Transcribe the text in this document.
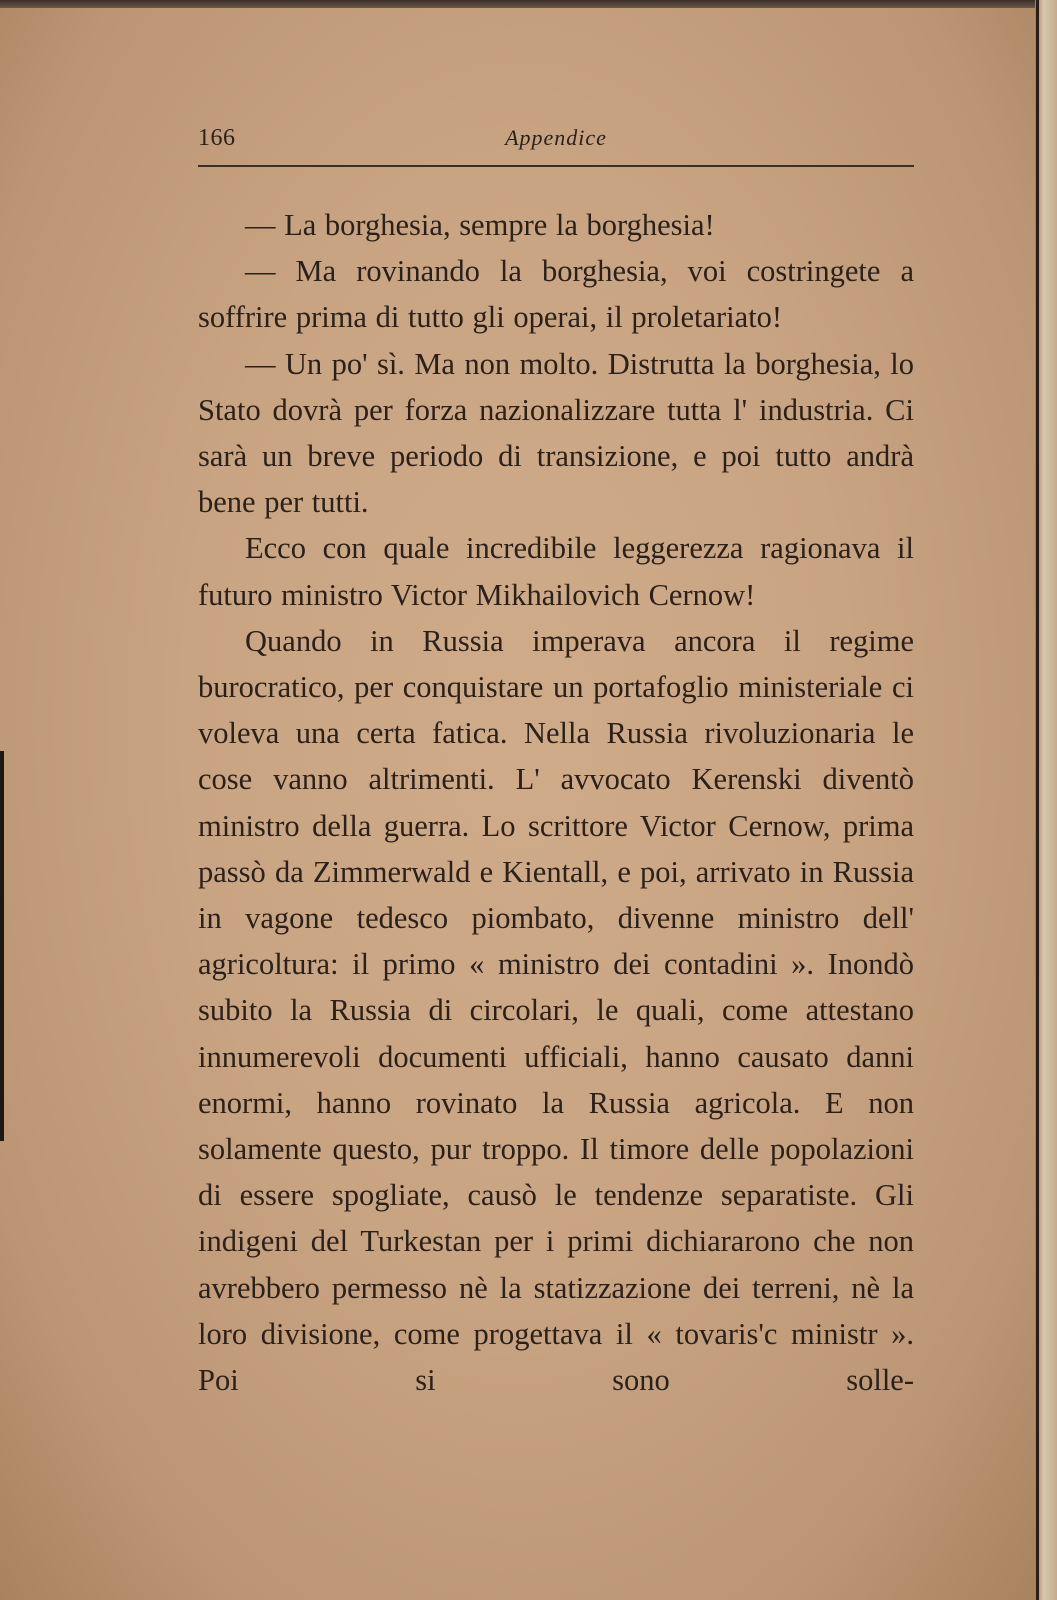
166	Appendice

— La borghesia, sempre la borghesia!

— Ma rovinando la borghesia, voi costringete a soffrire prima di tutto gli operai, il proletariato!

— Un po' sì. Ma non molto. Distrutta la borghesia, lo Stato dovrà per forza nazionalizzare tutta l' industria. Ci sarà un breve periodo di transizione, e poi tutto andrà bene per tutti.

Ecco con quale incredibile leggerezza ragionava il futuro ministro Victor Mikhailovich Cernow!

Quando in Russia imperava ancora il regime burocratico, per conquistare un portafoglio ministeriale ci voleva una certa fatica. Nella Russia rivoluzionaria le cose vanno altrimenti. L' avvocato Kerenski diventò ministro della guerra. Lo scrittore Victor Cernow, prima passò da Zimmerwald e Kientall, e poi, arrivato in Russia in vagone tedesco piombato, divenne ministro dell' agricoltura: il primo « ministro dei contadini ». Inondò subito la Russia di circolari, le quali, come attestano innumerevoli documenti ufficiali, hanno causato danni enormi, hanno rovinato la Russia agricola. E non solamente questo, pur troppo. Il timore delle popolazioni di essere spogliate, causò le tendenze separatiste. Gli indigeni del Turkestan per i primi dichiararono che non avrebbero permesso nè la statizzazione dei terreni, nè la loro divisione, come progettava il « tovaris'c ministr ». Poi si sono solle-
